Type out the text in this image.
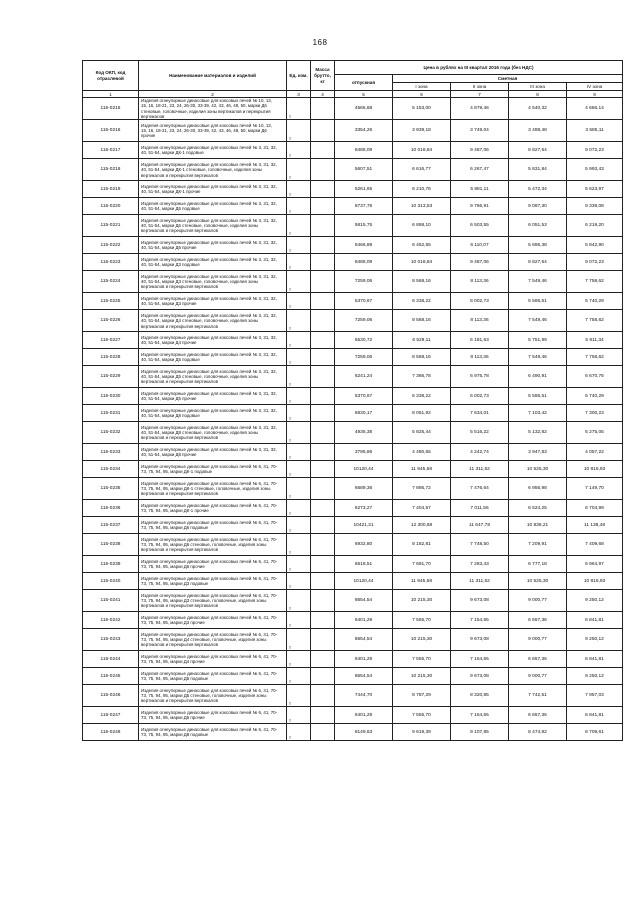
168
Код ОКП, код отраслевой	Наименование материалов и изделий	Ед. изм.	Масса брутто, кг	Цена в рублях на III квартал 2016 года (без НДС)				
				отпускная	Сметная			
					I зона	II зона	III зона	IV зона
1	2	3	4	5	6	7	8	9
115-0215	Изделия огнеупорные динасовые для коксовых печей № 10, 13, 15, 16, 18-21, 23, 24, 26-30, 33-39, 42, 43, 46, 48, 50, марки Д6 стеновые, головочные, изделия зоны вертикалов и перекрытия вертикалов	т		4565,68	5 153,00	4 879,46	4 540,32	4 666,14
115-0216	Изделия огнеупорные динасовые для коксовых печей № 10, 13, 15, 16, 18-21, 23, 24, 26-30, 33-39, 42, 43, 46, 48, 50, марки Д6 прочие	т		3354,26	3 939,18	3 749,04	3 488,48	3 585,11
115-0217	Изделия огнеупорные динасовые для коксовых печей № 3, 31, 32, 40, 51-54, марки ДК-1 подовые	т		8486,09	10 018,84	9 487,06	8 827,64	9 072,23
115-0218	Изделия огнеупорные динасовые для коксовых печей № 3, 31, 32, 40, 51-54, марки ДК-1 стеновые, головочные, изделия зоны вертикалов и перекрытия вертикалов	т		5607,51	6 616,77	6 267,47	5 831,84	5 993,43
115-0219	Изделия огнеупорные динасовые для коксовых печей № 3, 31, 32, 40, 51-54, марки ДК-1 прочие	т		5261,65	6 210,76	5 881,11	5 472,34	5 623,97
115-0220	Изделия огнеупорные динасовые для коксовых печей № 3, 31, 32, 40, 51-54, марки Д6 подовые	т		8737,76	10 313,53	9 766,91	9 087,30	9 339,08
115-0221	Изделия огнеупорные динасовые для коксовых печей № 3, 31, 32, 40, 51-54, марки Д6 стеновые, головочные, изделия зоны вертикалов и перекрытия вертикалов	т		5815,75	6 868,10	6 503,55	6 051,53	6 219,20
115-0222	Изделия огнеупорные динасовые для коксовых печей № 3, 31, 32, 40, 51-54, марки Д6 прочие	т		5466,89	6 452,55	6 110,07	5 685,38	5 842,90
115-0223	Изделия огнеупорные динасовые для коксовых печей № 3, 31, 32, 40, 51-54, марки Д3 подовые	т		8486,09	10 018,84	9 487,06	8 827,64	9 072,23
115-0224	Изделия огнеупорные динасовые для коксовых печей № 3, 31, 32, 40, 51-54, марки Д3 стеновые, головочные, изделия зоны вертикалов и перекрытия вертикалов	т		7259,06	8 568,16	8 113,36	7 549,46	7 758,62
115-0225	Изделия огнеупорные динасовые для коксовых печей № 3, 31, 32, 40, 51-54, марки Д3 прочие	т		5370,67	6 338,22	6 002,73	5 585,51	5 740,29
115-0226	Изделия огнеупорные динасовые для коксовых печей № 3, 31, 32, 40, 51-54, марки Д4 стеновые, головочные, изделия зоны вертикалов и перекрытия вертикалов	т		7259,06	8 568,16	8 113,36	7 549,46	7 758,62
115-0227	Изделия огнеупорные динасовые для коксовых печей № 3, 31, 32, 40, 51-54, марки Д4 прочие	т		5530,72	6 529,11	6 181,63	5 751,99	5 911,34
115-0228	Изделия огнеупорные динасовые для коксовых печей № 3, 31, 32, 40, 51-54, марки Д5 подовые	т		7259,06	8 568,16	8 113,36	7 549,46	7 758,62
115-0229	Изделия огнеупорные динасовые для коксовых печей № 3, 31, 32, 40, 51-54, марки Д5 стеновые, головочные, изделия зоны вертикалов и перекрытия вертикалов	т		6241,24	7 366,78	6 975,78	6 490,91	6 670,76
115-0230	Изделия огнеупорные динасовые для коксовых печей № 3, 31, 32, 40, 51-54, марки Д5 прочие	т		5370,67	6 338,22	6 002,73	5 585,51	5 740,29
115-0231	Изделия огнеупорные динасовые для коксовых печей № 3, 31, 32, 40, 51-54, марки Д8 подовые	т		6830,17	8 061,92	7 634,01	7 103,42	7 300,23
115-0232	Изделия огнеупорные динасовые для коксовых печей № 3, 31, 32, 40, 51-54, марки Д8 стеновые, головочные, изделия зоны вертикалов и перекрытия вертикалов	т		4935,38	5 825,44	5 516,22	5 132,82	5 275,05
115-0233	Изделия огнеупорные динасовые для коксовых печей № 3, 31, 32, 40, 51-54, марки Д8 прочие	т		3795,86	4 480,55	4 242,74	3 947,83	4 057,22
115-0234	Изделия огнеупорные динасовые для коксовых печей № 6, 41, 70-73, 75, 94, 95, марки ДК-1 подовые	т		10120,44	11 945,58	11 311,52	10 525,30	10 816,93
115-0235	Изделия огнеупорные динасовые для коксовых печей № 6, 41, 70-73, 75, 94, 95, марки ДК-1 стеновые, головочные, изделия зоны вертикалов и перекрытия вертикалов	т		6689,36	7 895,72	7 476,64	6 956,98	7 149,70
115-0236	Изделия огнеупорные динасовые для коксовых печей № 6, 41, 70-73, 75, 94, 95, марки ДК-1 прочие	т		6273,27	7 404,57	7 011,56	6 524,25	6 704,99
115-0237	Изделия огнеупорные динасовые для коксовых печей № 6, 41, 70-73, 75, 94, 95, марки Д6 подовые	т		10421,31	12 300,68	11 647,78	10 838,21	11 138,48
115-0238	Изделия огнеупорные динасовые для коксовых печей № 6, 41, 70-73, 75, 94, 95, марки Д6 стеновые, головочные, изделия зоны вертикалов и перекрытия вертикалов	т		6932,80	8 182,81	7 748,50	7 209,91	7 409,68
115-0239	Изделия огнеупорные динасовые для коксовых печей № 6, 41, 70-73, 75, 94, 95, марки Д6 прочие	т		6518,51	7 691,70	7 283,43	6 777,18	6 964,97
115-0240	Изделия огнеупорные динасовые для коксовых печей № 6, 41, 70-73, 75, 94, 95, марки Д3 подовые	т		10120,44	11 945,58	11 311,52	10 525,30	10 816,93
115-0241	Изделия огнеупорные динасовые для коксовых печей № 6, 41, 70-73, 75, 94, 95, марки Д3 стеновые, головочные, изделия зоны вертикалов и перекрытия вертикалов	т		8654,54	10 215,30	9 673,08	9 000,77	9 250,12
115-0242	Изделия огнеупорные динасовые для коксовых печей № 6, 41, 70-73, 75, 94, 95, марки Д3 прочие	т		6401,29	7 555,70	7 154,65	6 657,36	6 841,81
115-0243	Изделия огнеупорные динасовые для коксовых печей № 6, 41, 70-73, 75, 94, 95, марки Д4 стеновые, головочные, изделия зоны вертикалов и перекрытия вертикалов	т		8654,54	10 215,30	9 673,08	9 000,77	9 250,12
115-0244	Изделия огнеупорные динасовые для коксовых печей № 6, 41, 70-73, 75, 94, 95, марки Д4 прочие	т		6401,29	7 555,70	7 154,65	6 657,36	6 841,81
115-0245	Изделия огнеупорные динасовые для коксовых печей № 6, 41, 70-73, 75, 94, 95, марки Д5 подовые	т		8654,54	10 215,30	9 673,08	9 000,77	9 250,12
115-0246	Изделия огнеупорные динасовые для коксовых печей № 6, 41, 70-73, 75, 94, 95, марки Д5 стеновые, головочные, изделия зоны вертикалов и перекрытия вертикалов	т		7444,70	8 787,29	8 320,85	7 742,51	7 957,03
115-0247	Изделия огнеупорные динасовые для коксовых печей № 6, 41, 70-73, 75, 94, 95, марки Д5 прочие	т		6401,29	7 555,70	7 154,65	6 657,36	6 841,81
115-0248	Изделия огнеупорные динасовые для коксовых печей № 6, 41, 70-73, 75, 94, 95, марки Д8 подовые	т		8149,63	9 619,39	9 107,85	8 474,82	8 709,61
